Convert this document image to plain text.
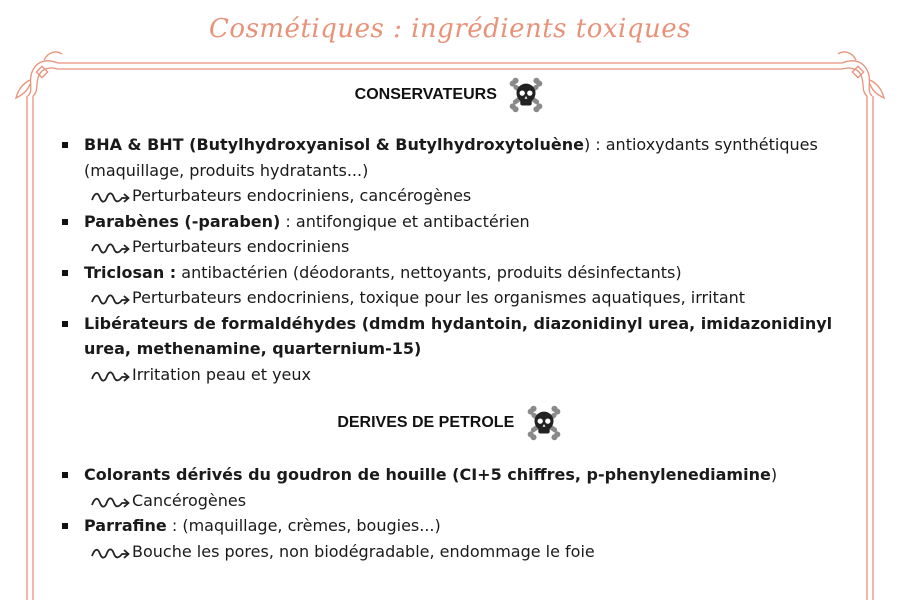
Cosmétiques : ingrédients toxiques
CONSERVATEURS
BHA & BHT (Butylhydroxyanisol & Butylhydroxytoluène) : antioxydants synthétiques (maquillage, produits hydratants...)
Perturbateurs endocriniens, cancérogènes
Parabènes (-paraben) : antifongique et antibactérien
Perturbateurs endocriniens
Triclosan : antibactérien (déodorants, nettoyants, produits désinfectants)
Perturbateurs endocriniens, toxique pour les organismes aquatiques, irritant
Libérateurs de formaldéhydes (dmdm hydantoin, diazonidinyl urea, imidazonidinyl urea, methenamine, quarternium-15)
Irritation peau et yeux
DERIVES DE PETROLE
Colorants dérivés du goudron de houille (CI+5 chiffres, p-phenylenediamine)
Cancérogènes
Parrafine : (maquillage, crèmes, bougies...)
Bouche les pores, non biodégradable, endommage le foie
